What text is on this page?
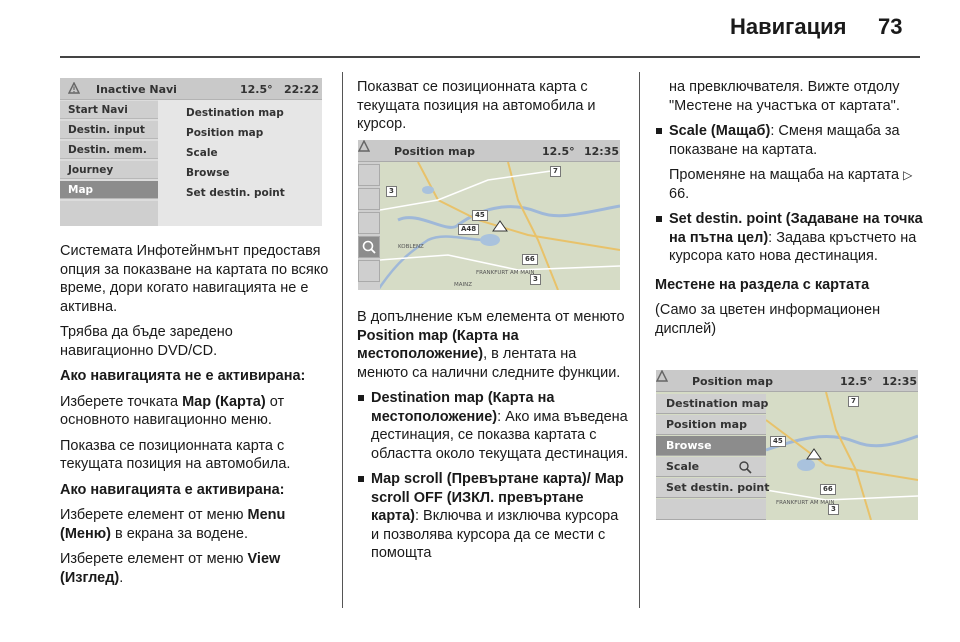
Навигация 73
Inactive Navi	12.5° 22:22
Start Navi
Destin. input
Destin. mem.
Journey
Map
Destination map
Position map
Scale
Browse
Set destin. point

Системата Инфотейнмънт предоставя опция за показване на картата по всяко време, дори когато навигацията не е активна.

Трябва да бъде заредено навигационно DVD/CD.

Ако навигацията не е активирана:

Изберете точката Map (Карта) от основното навигационно меню.

Показва се позиционната карта с текущата позиция на автомобила.

Ако навигацията е активирана:

Изберете елемент от меню Menu (Меню) в екрана за водене.

Изберете елемент от меню View (Изглед).

Показват се позиционната карта с текущата позиция на автомобила и курсор.

Position map	12.5° 12:35
7
3
45
A48
66
3
KOBLENZ
MAINZ
FRANKFURT AM MAIN

В допълнение към елемента от менюто Position map (Карта на местоположение), в лентата на менюто са налични следните функции.

Destination map (Карта на местоположение): Ако има въведена дестинация, се показва картата с областта около текущата дестинация.
Map scroll (Превъртане карта)/ Map scroll OFF (ИЗКЛ. превъртане карта): Включва и изключва курсора и позволява курсора да се мести с помощта

на превключвателя. Вижте отдолу "Местене на участъка от картата".

Scale (Мащаб): Сменя мащаба за показване на картата.

Променяне на мащаба на картата ▷ 66.

Set destin. point (Задаване на точка на пътна цел): Задава кръстчето на курсора като нова дестинация.

Местене на раздела с картата

(Само за цветен информационен дисплей)

Position map	12.5° 12:35
Destination map
Position map
Browse
Scale
Set destin. point
7
45
66
3
FRANKFURT AM MAIN
